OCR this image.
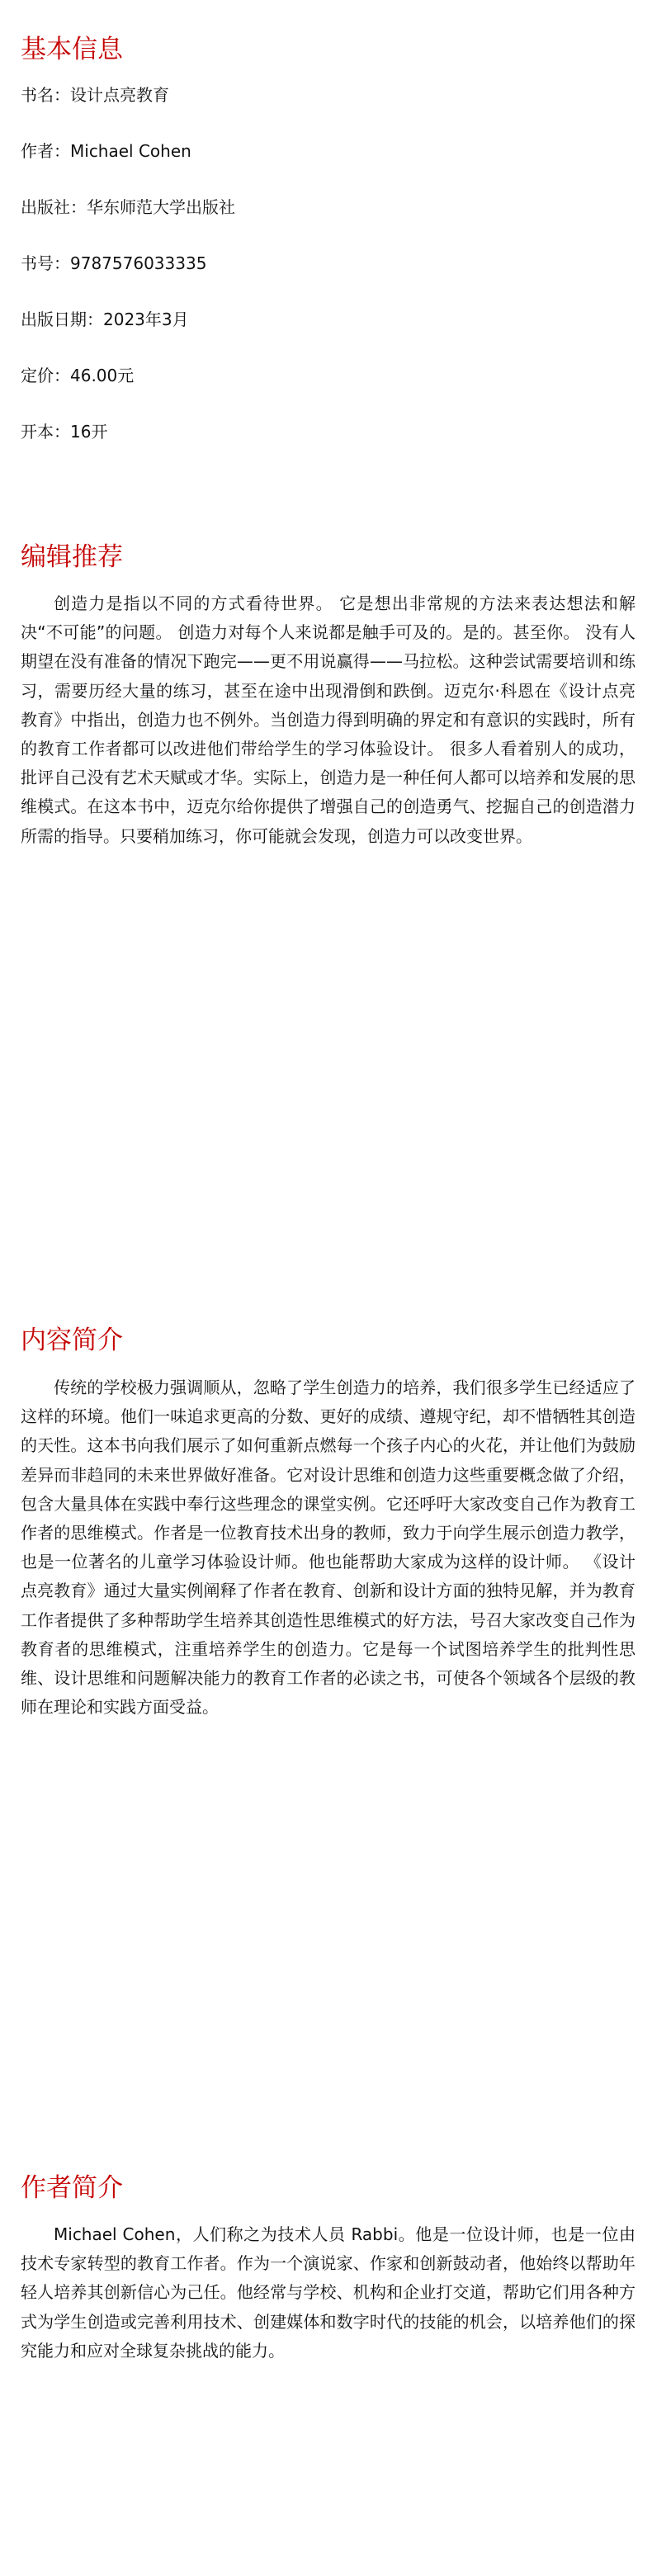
基本信息
书名 ： 设计点亮教育
作者 ： Michael Cohen
出版社 ： 华东师范大学出版社
书号 ： 9787576033335
出版日期 ： 2023年3月
定价 ： 46.00元
开本 ： 16开
编辑推荐

创造力是指以不同的方式看待世界。 它是想出非常规的方法来表达想法和解决“不可能”的问题。 创造力对每个人来说都是触手可及的。是的。甚至你。 没有人期望在没有准备的情况下跑完——更不用说赢得——马拉松。这种尝试需要培训和练习，需要历经大量的练习，甚至在途中出现滑倒和跌倒。迈克尔·科恩在《设计点亮教育》中指出，创造力也不例外。当创造力得到明确的界定和有意识的实践时，所有的教育工作者都可以改进他们带给学生的学习体验设计。 很多人看着别人的成功，批评自己没有艺术天赋或才华。实际上，创造力是一种任何人都可以培养和发展的思维模式。在这本书中，迈克尔给你提供了增强自己的创造勇气、挖掘自己的创造潜力所需的指导。只要稍加练习，你可能就会发现，创造力可以改变世界。

内容简介

传统的学校极力强调顺从，忽略了学生创造力的培养，我们很多学生已经适应了这样的环境。他们一味追求更高的分数、更好的成绩、遵规守纪，却不惜牺牲其创造的天性。这本书向我们展示了如何重新点燃每一个孩子内心的火花，并让他们为鼓励差异而非趋同的未来世界做好准备。它对设计思维和创造力这些重要概念做了介绍，包含大量具体在实践中奉行这些理念的课堂实例。它还呼吁大家改变自己作为教育工作者的思维模式。作者是一位教育技术出身的教师，致力于向学生展示创造力教学，也是一位著名的儿童学习体验设计师。他也能帮助大家成为这样的设计师。 《设计点亮教育》通过大量实例阐释了作者在教育、创新和设计方面的独特见解，并为教育工作者提供了多种帮助学生培养其创造性思维模式的好方法，号召大家改变自己作为教育者的思维模式，注重培养学生的创造力。它是每一个试图培养学生的批判性思维、设计思维和问题解决能力的教育工作者的必读之书，可使各个领域各个层级的教师在理论和实践方面受益。

作者简介

Michael Cohen，人们称之为技术人员 Rabbi。他是一位设计师，也是一位由技术专家转型的教育工作者。作为一个演说家、作家和创新鼓动者，他始终以帮助年轻人培养其创新信心为己任。他经常与学校、机构和企业打交道，帮助它们用各种方式为学生创造或完善利用技术、创建媒体和数字时代的技能的机会，以培养他们的探究能力和应对全球复杂挑战的能力。
